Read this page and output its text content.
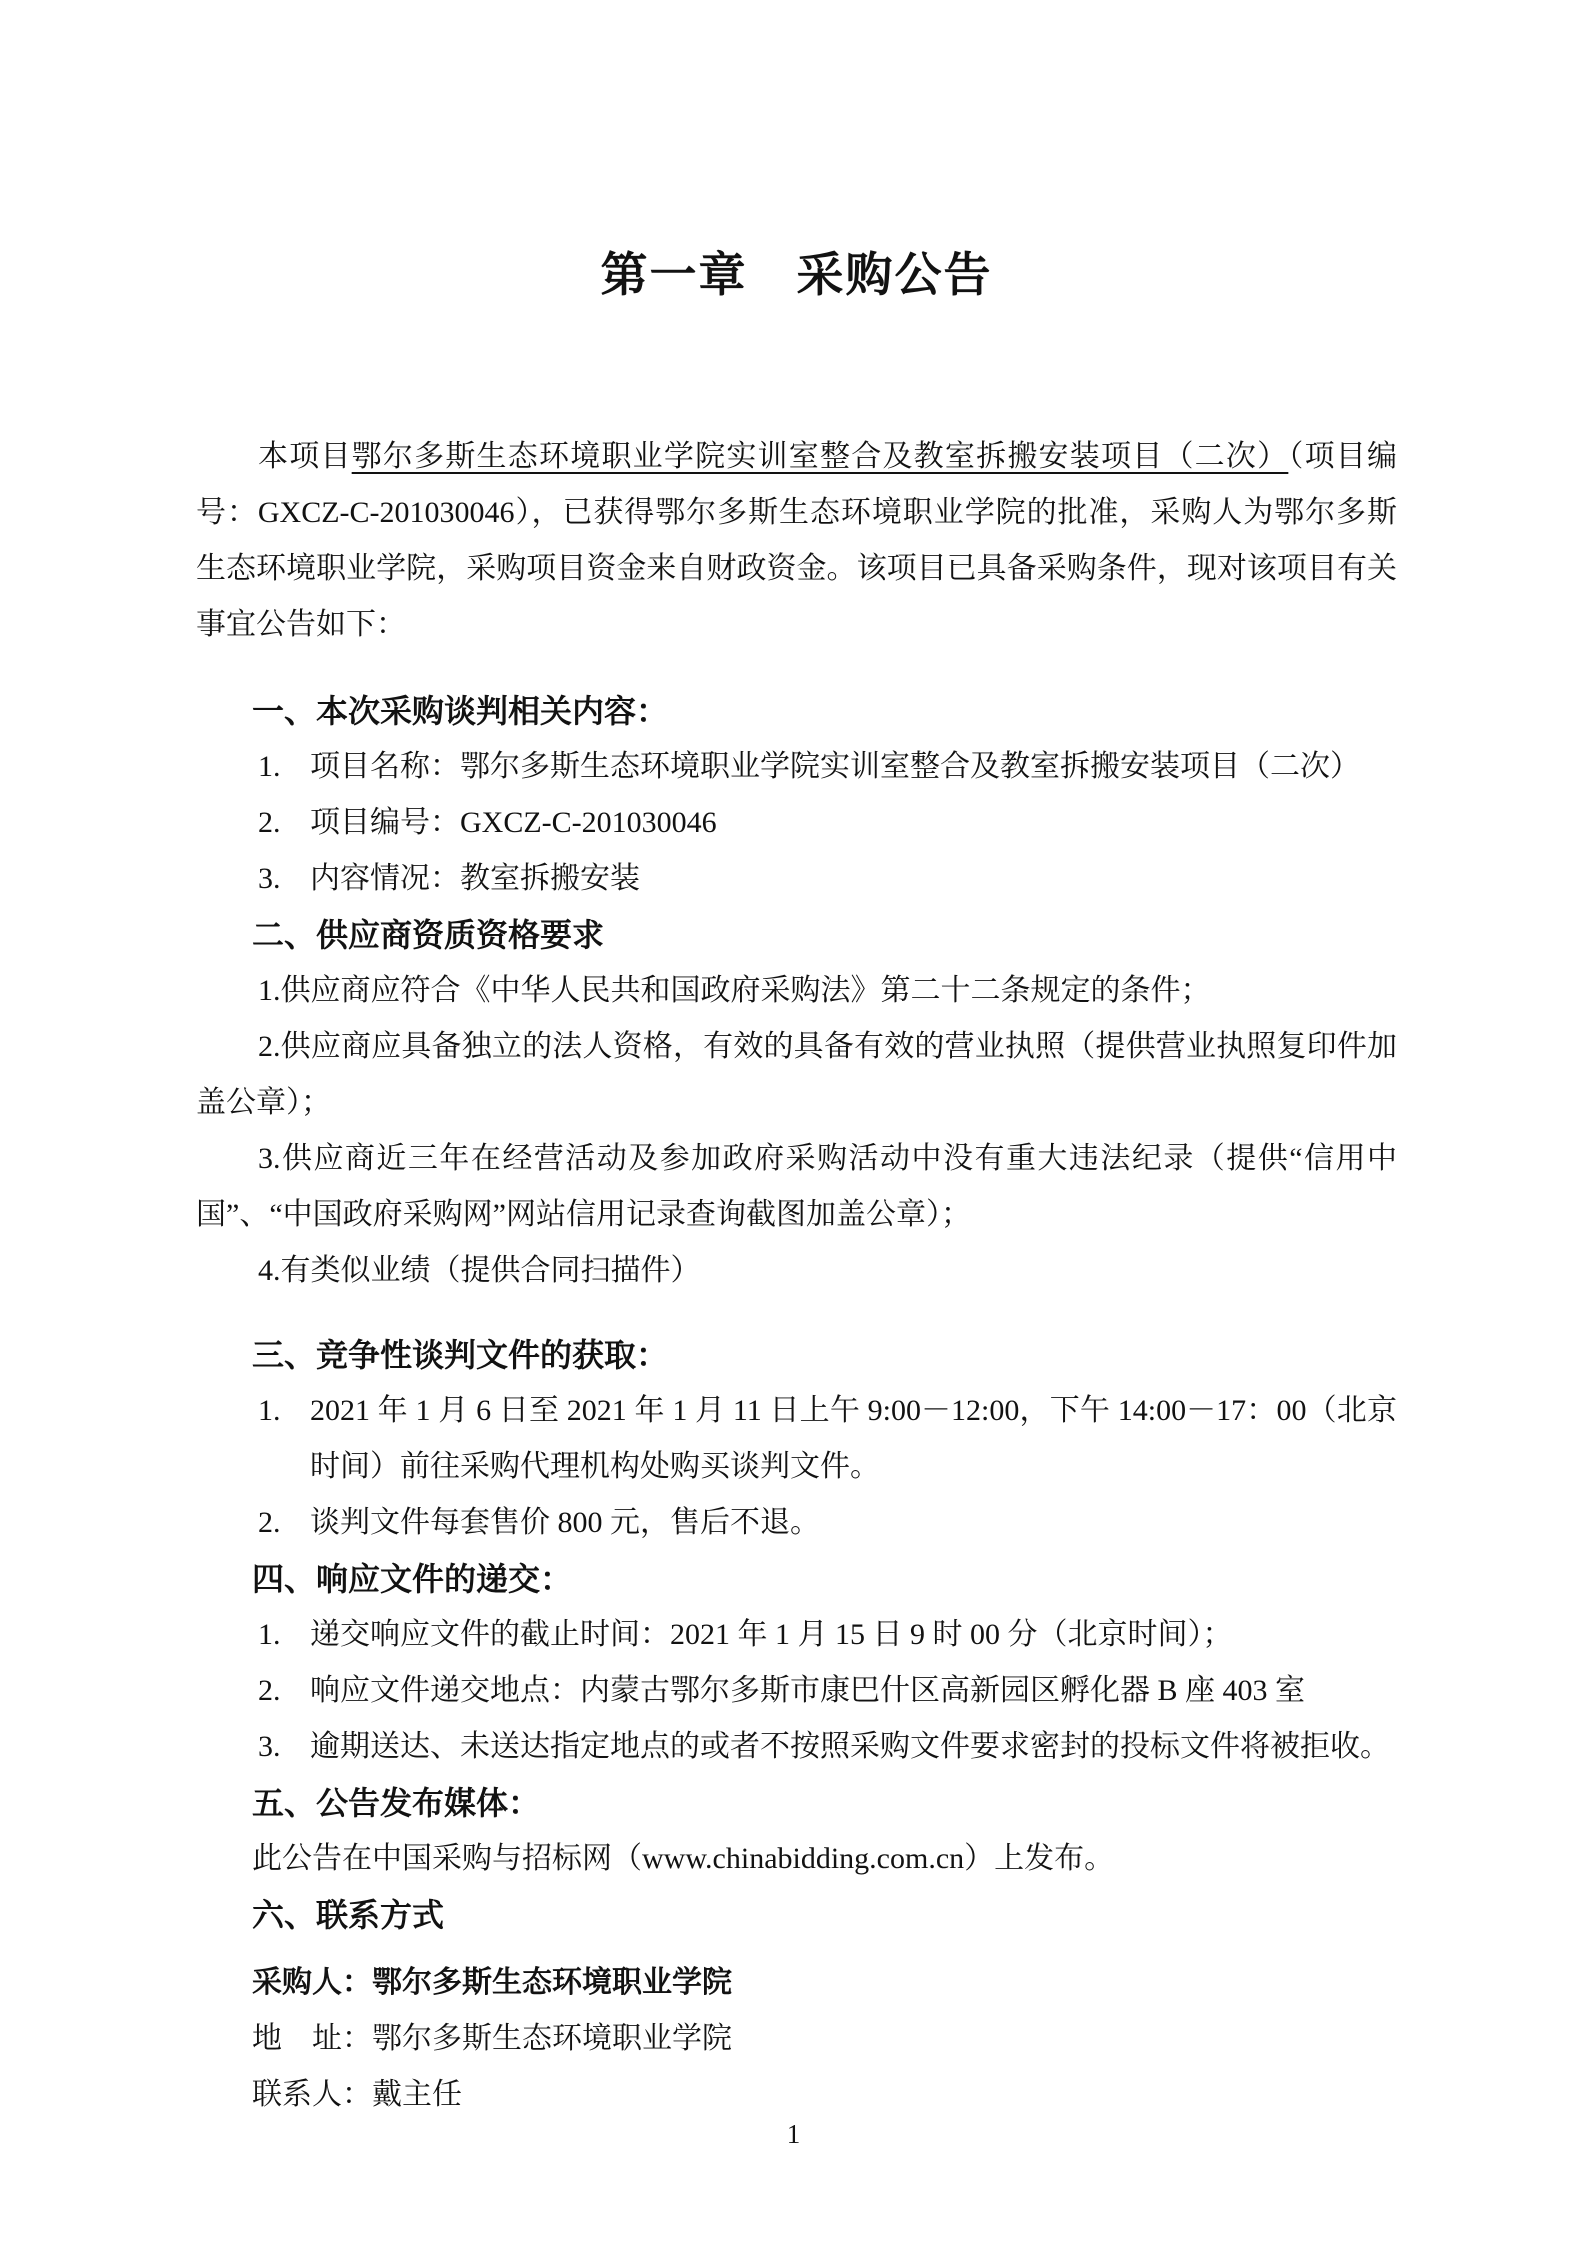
第一章　采购公告

本项目鄂尔多斯生态环境职业学院实训室整合及教室拆搬安装项目（二次）（项目编号：GXCZ-C-201030046），已获得鄂尔多斯生态环境职业学院的批准，采购人为鄂尔多斯生态环境职业学院，采购项目资金来自财政资金。该项目已具备采购条件，现对该项目有关事宜公告如下：

一、本次采购谈判相关内容：
1. 项目名称：鄂尔多斯生态环境职业学院实训室整合及教室拆搬安装项目（二次）
2. 项目编号：GXCZ-C-201030046
3. 内容情况：教室拆搬安装
二、供应商资质资格要求
1.供应商应符合《中华人民共和国政府采购法》第二十二条规定的条件；
2.供应商应具备独立的法人资格，有效的具备有效的营业执照（提供营业执照复印件加盖公章）；
3.供应商近三年在经营活动及参加政府采购活动中没有重大违法纪录（提供“信用中国”、“中国政府采购网”网站信用记录查询截图加盖公章）；
4.有类似业绩（提供合同扫描件）
三、竞争性谈判文件的获取：
1. 2021 年 1 月 6 日至 2021 年 1 月 11 日上午 9:00－12:00，下午 14:00－17：00（北京时间）前往采购代理机构处购买谈判文件。
2. 谈判文件每套售价 800 元，售后不退。
四、响应文件的递交：
1. 递交响应文件的截止时间：2021 年 1 月 15 日 9 时 00 分（北京时间）；
2. 响应文件递交地点：内蒙古鄂尔多斯市康巴什区高新园区孵化器 B 座 403 室
3. 逾期送达、未送达指定地点的或者不按照采购文件要求密封的投标文件将被拒收。
五、公告发布媒体：
此公告在中国采购与招标网（www.chinabidding.com.cn）上发布。
六、联系方式
采购人：鄂尔多斯生态环境职业学院
地　址：鄂尔多斯生态环境职业学院
联系人：戴主任
1
